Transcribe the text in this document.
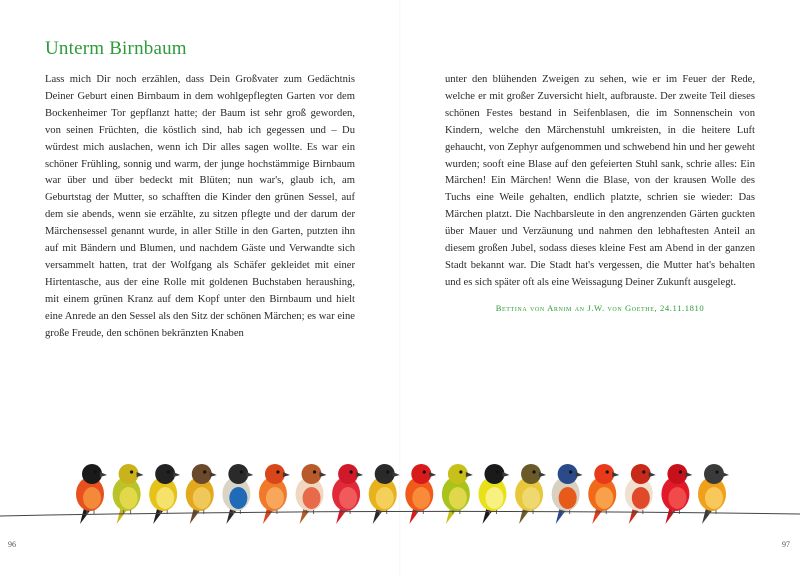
Unterm Birnbaum
Lass mich Dir noch erzählen, dass Dein Großvater zum Gedächtnis Deiner Geburt einen Birnbaum in dem wohlgepflegten Garten vor dem Bockenheimer Tor gepflanzt hatte; der Baum ist sehr groß geworden, von seinen Früchten, die köstlich sind, hab ich gegessen und – Du würdest mich auslachen, wenn ich Dir alles sagen wollte. Es war ein schöner Frühling, sonnig und warm, der junge hochstämmige Birnbaum war über und über bedeckt mit Blüten; nun war's, glaub ich, am Geburtstag der Mutter, so schafften die Kinder den grünen Sessel, auf dem sie abends, wenn sie erzählte, zu sitzen pflegte und der darum der Märchensessel genannt wurde, in aller Stille in den Garten, putzten ihn auf mit Bändern und Blumen, und nachdem Gäste und Verwandte sich versammelt hatten, trat der Wolfgang als Schäfer gekleidet mit einer Hirtentasche, aus der eine Rolle mit goldenen Buchstaben heraushing, mit einem grünen Kranz auf dem Kopf unter den Birnbaum und hielt eine Anrede an den Sessel als den Sitz der schönen Märchen; es war eine große Freude, den schönen bekränzten Knaben
unter den blühenden Zweigen zu sehen, wie er im Feuer der Rede, welche er mit großer Zuversicht hielt, aufbrauste. Der zweite Teil dieses schönen Festes bestand in Seifenblasen, die im Sonnenschein von Kindern, welche den Märchenstuhl umkreisten, in die heitere Luft gehaucht, von Zephyr aufgenommen und schwebend hin und her geweht wurden; sooft eine Blase auf den gefeierten Stuhl sank, schrie alles: Ein Märchen! Ein Märchen! Wenn die Blase, von der krausen Wolle des Tuchs eine Weile gehalten, endlich platzte, schrien sie wieder: Das Märchen platzt. Die Nachbarsleute in den angrenzenden Gärten guckten über Mauer und Verzäunung und nahmen den lebhaftesten Anteil an diesem großen Jubel, sodass dieses kleine Fest am Abend in der ganzen Stadt bekannt war. Die Stadt hat's vergessen, die Mutter hat's behalten und es sich später oft als eine Weissagung Deiner Zukunft ausgelegt.
Bettina von Arnim an J.W. von Goethe, 24.11.1810
96	97
